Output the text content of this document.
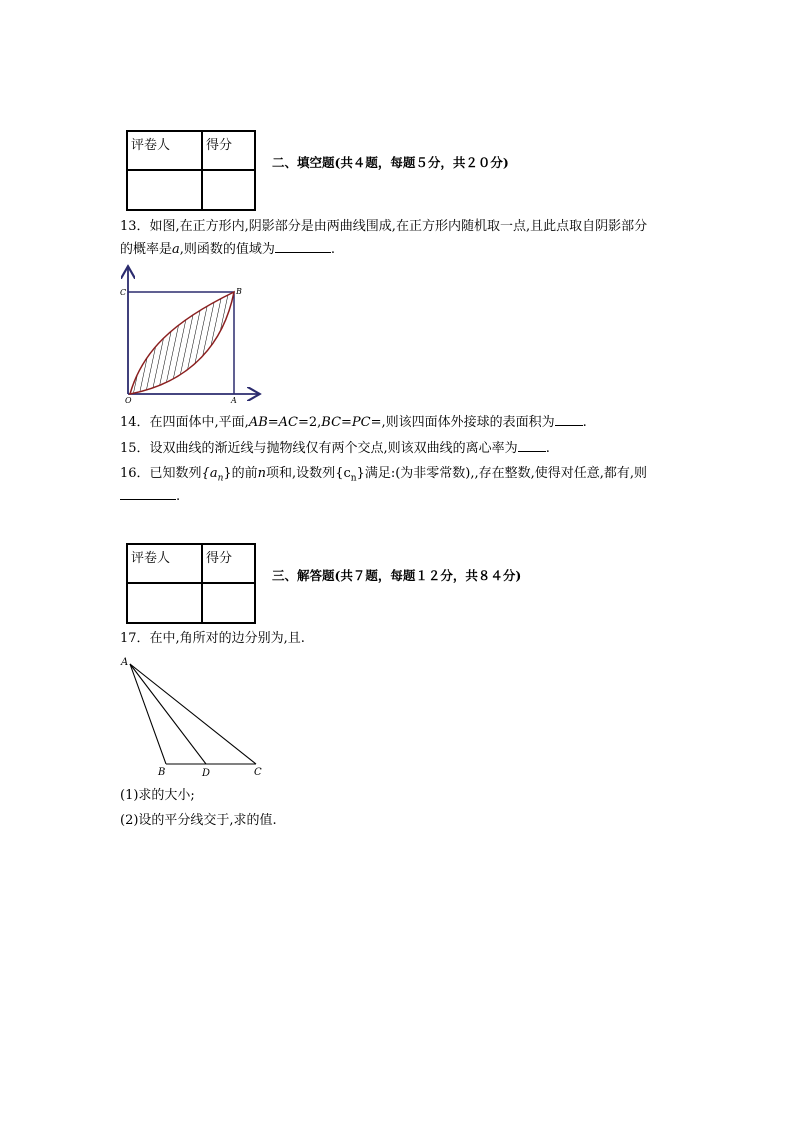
评卷人	得分

二、填空题(共４题，每题５分，共２０分)
13．如图,在正方形内,阴影部分是由两曲线围成,在正方形内随机取一点,且此点取自阴影部分
的概率是a,则函数的值域为	.
C	B
O	A
14．在四面体中,平面,AB=AC=2,BC=PC=,则该四面体外接球的表面积为 .
15．设双曲线的渐近线与抛物线仅有两个交点,则该双曲线的离心率为 .
16．已知数列$\{a_n\}$的前n项和,设数列$\{c_n\}$满足:(为非零常数),,存在整数,使得对任意,都有,则
.
评卷人	得分

三、解答题(共７题，每题１２分，共８４分)
17．在中,角所对的边分别为,且.
A
B	D	C
(1)求的大小;
(2)设的平分线交于,求的值.
